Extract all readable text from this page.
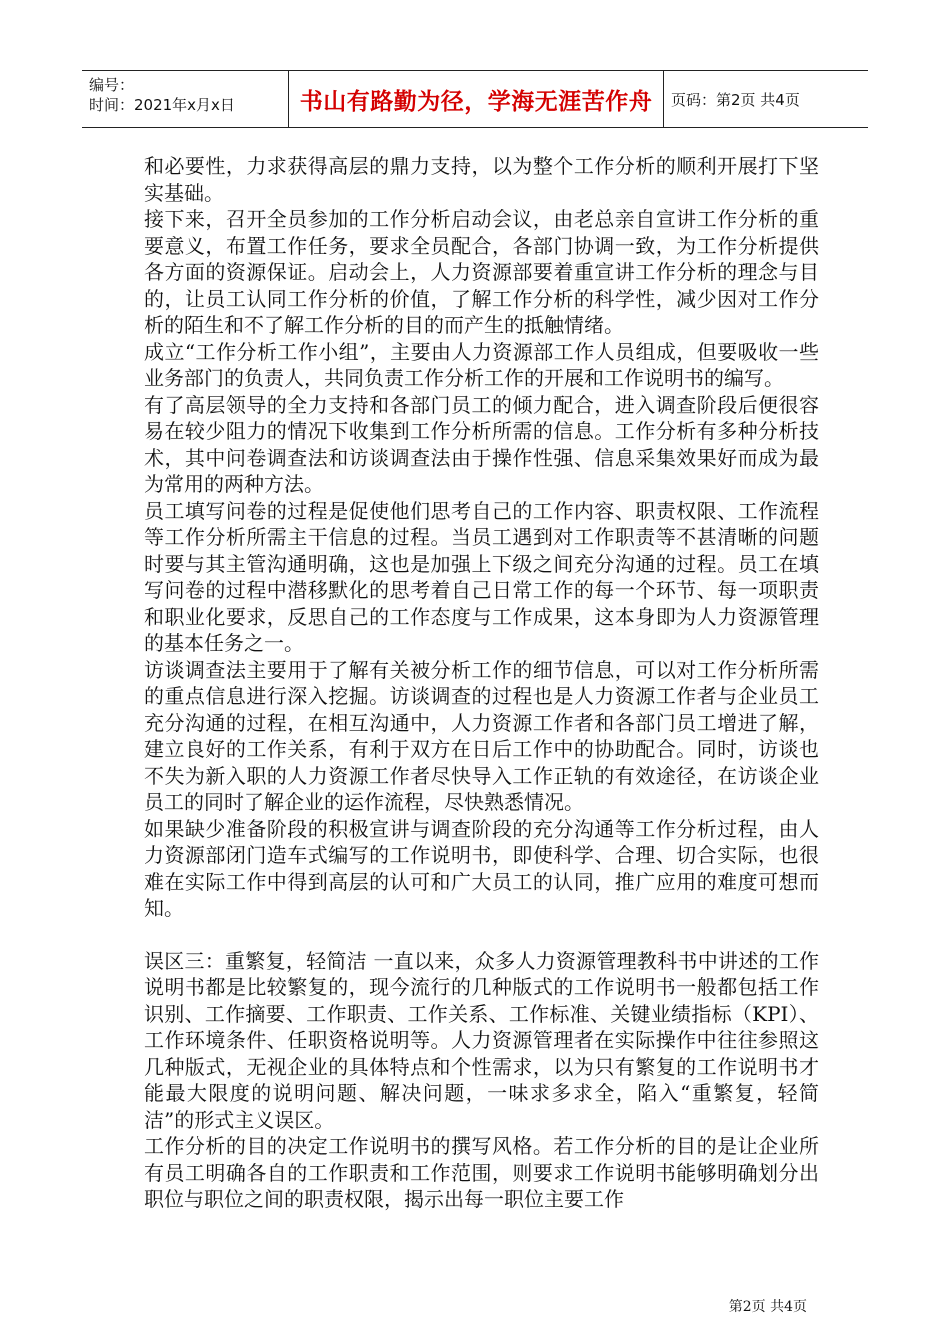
编号：
时间：2021年x月x日	书山有路勤为径，学海无涯苦作舟 页码：第2页 共4页

和必要性，力求获得高层的鼎力支持，以为整个工作分析的顺利开展打下坚实基础。

接下来，召开全员参加的工作分析启动会议，由老总亲自宣讲工作分析的重要意义，布置工作任务，要求全员配合，各部门协调一致，为工作分析提供各方面的资源保证。启动会上，人力资源部要着重宣讲工作分析的理念与目的，让员工认同工作分析的价值，了解工作分析的科学性，减少因对工作分析的陌生和不了解工作分析的目的而产生的抵触情绪。

成立“工作分析工作小组”，主要由人力资源部工作人员组成，但要吸收一些业务部门的负责人，共同负责工作分析工作的开展和工作说明书的编写。

有了高层领导的全力支持和各部门员工的倾力配合，进入调查阶段后便很容易在较少阻力的情况下收集到工作分析所需的信息。工作分析有多种分析技术，其中问卷调查法和访谈调查法由于操作性强、信息采集效果好而成为最为常用的两种方法。

员工填写问卷的过程是促使他们思考自己的工作内容、职责权限、工作流程等工作分析所需主干信息的过程。当员工遇到对工作职责等不甚清晰的问题时要与其主管沟通明确，这也是加强上下级之间充分沟通的过程。员工在填写问卷的过程中潜移默化的思考着自己日常工作的每一个环节、每一项职责和职业化要求，反思自己的工作态度与工作成果，这本身即为人力资源管理的基本任务之一。

访谈调查法主要用于了解有关被分析工作的细节信息，可以对工作分析所需的重点信息进行深入挖掘。访谈调查的过程也是人力资源工作者与企业员工充分沟通的过程，在相互沟通中，人力资源工作者和各部门员工增进了解，建立良好的工作关系，有利于双方在日后工作中的协助配合。同时，访谈也不失为新入职的人力资源工作者尽快导入工作正轨的有效途径，在访谈企业员工的同时了解企业的运作流程，尽快熟悉情况。

如果缺少准备阶段的积极宣讲与调查阶段的充分沟通等工作分析过程，由人力资源部闭门造车式编写的工作说明书，即使科学、合理、切合实际，也很难在实际工作中得到高层的认可和广大员工的认同，推广应用的难度可想而知。

误区三：重繁复，轻简洁 一直以来，众多人力资源管理教科书中讲述的工作说明书都是比较繁复的，现今流行的几种版式的工作说明书一般都包括工作识别、工作摘要、工作职责、工作关系、工作标准、关键业绩指标（KPI）、工作环境条件、任职资格说明等。人力资源管理者在实际操作中往往参照这几种版式，无视企业的具体特点和个性需求，以为只有繁复的工作说明书才能最大限度的说明问题、解决问题，一味求多求全，陷入“重繁复，轻简洁”的形式主义误区。

工作分析的目的决定工作说明书的撰写风格。若工作分析的目的是让企业所有员工明确各自的工作职责和工作范围，则要求工作说明书能够明确划分出职位与职位之间的职责权限，揭示出每一职位主要工作

第2页 共4页
